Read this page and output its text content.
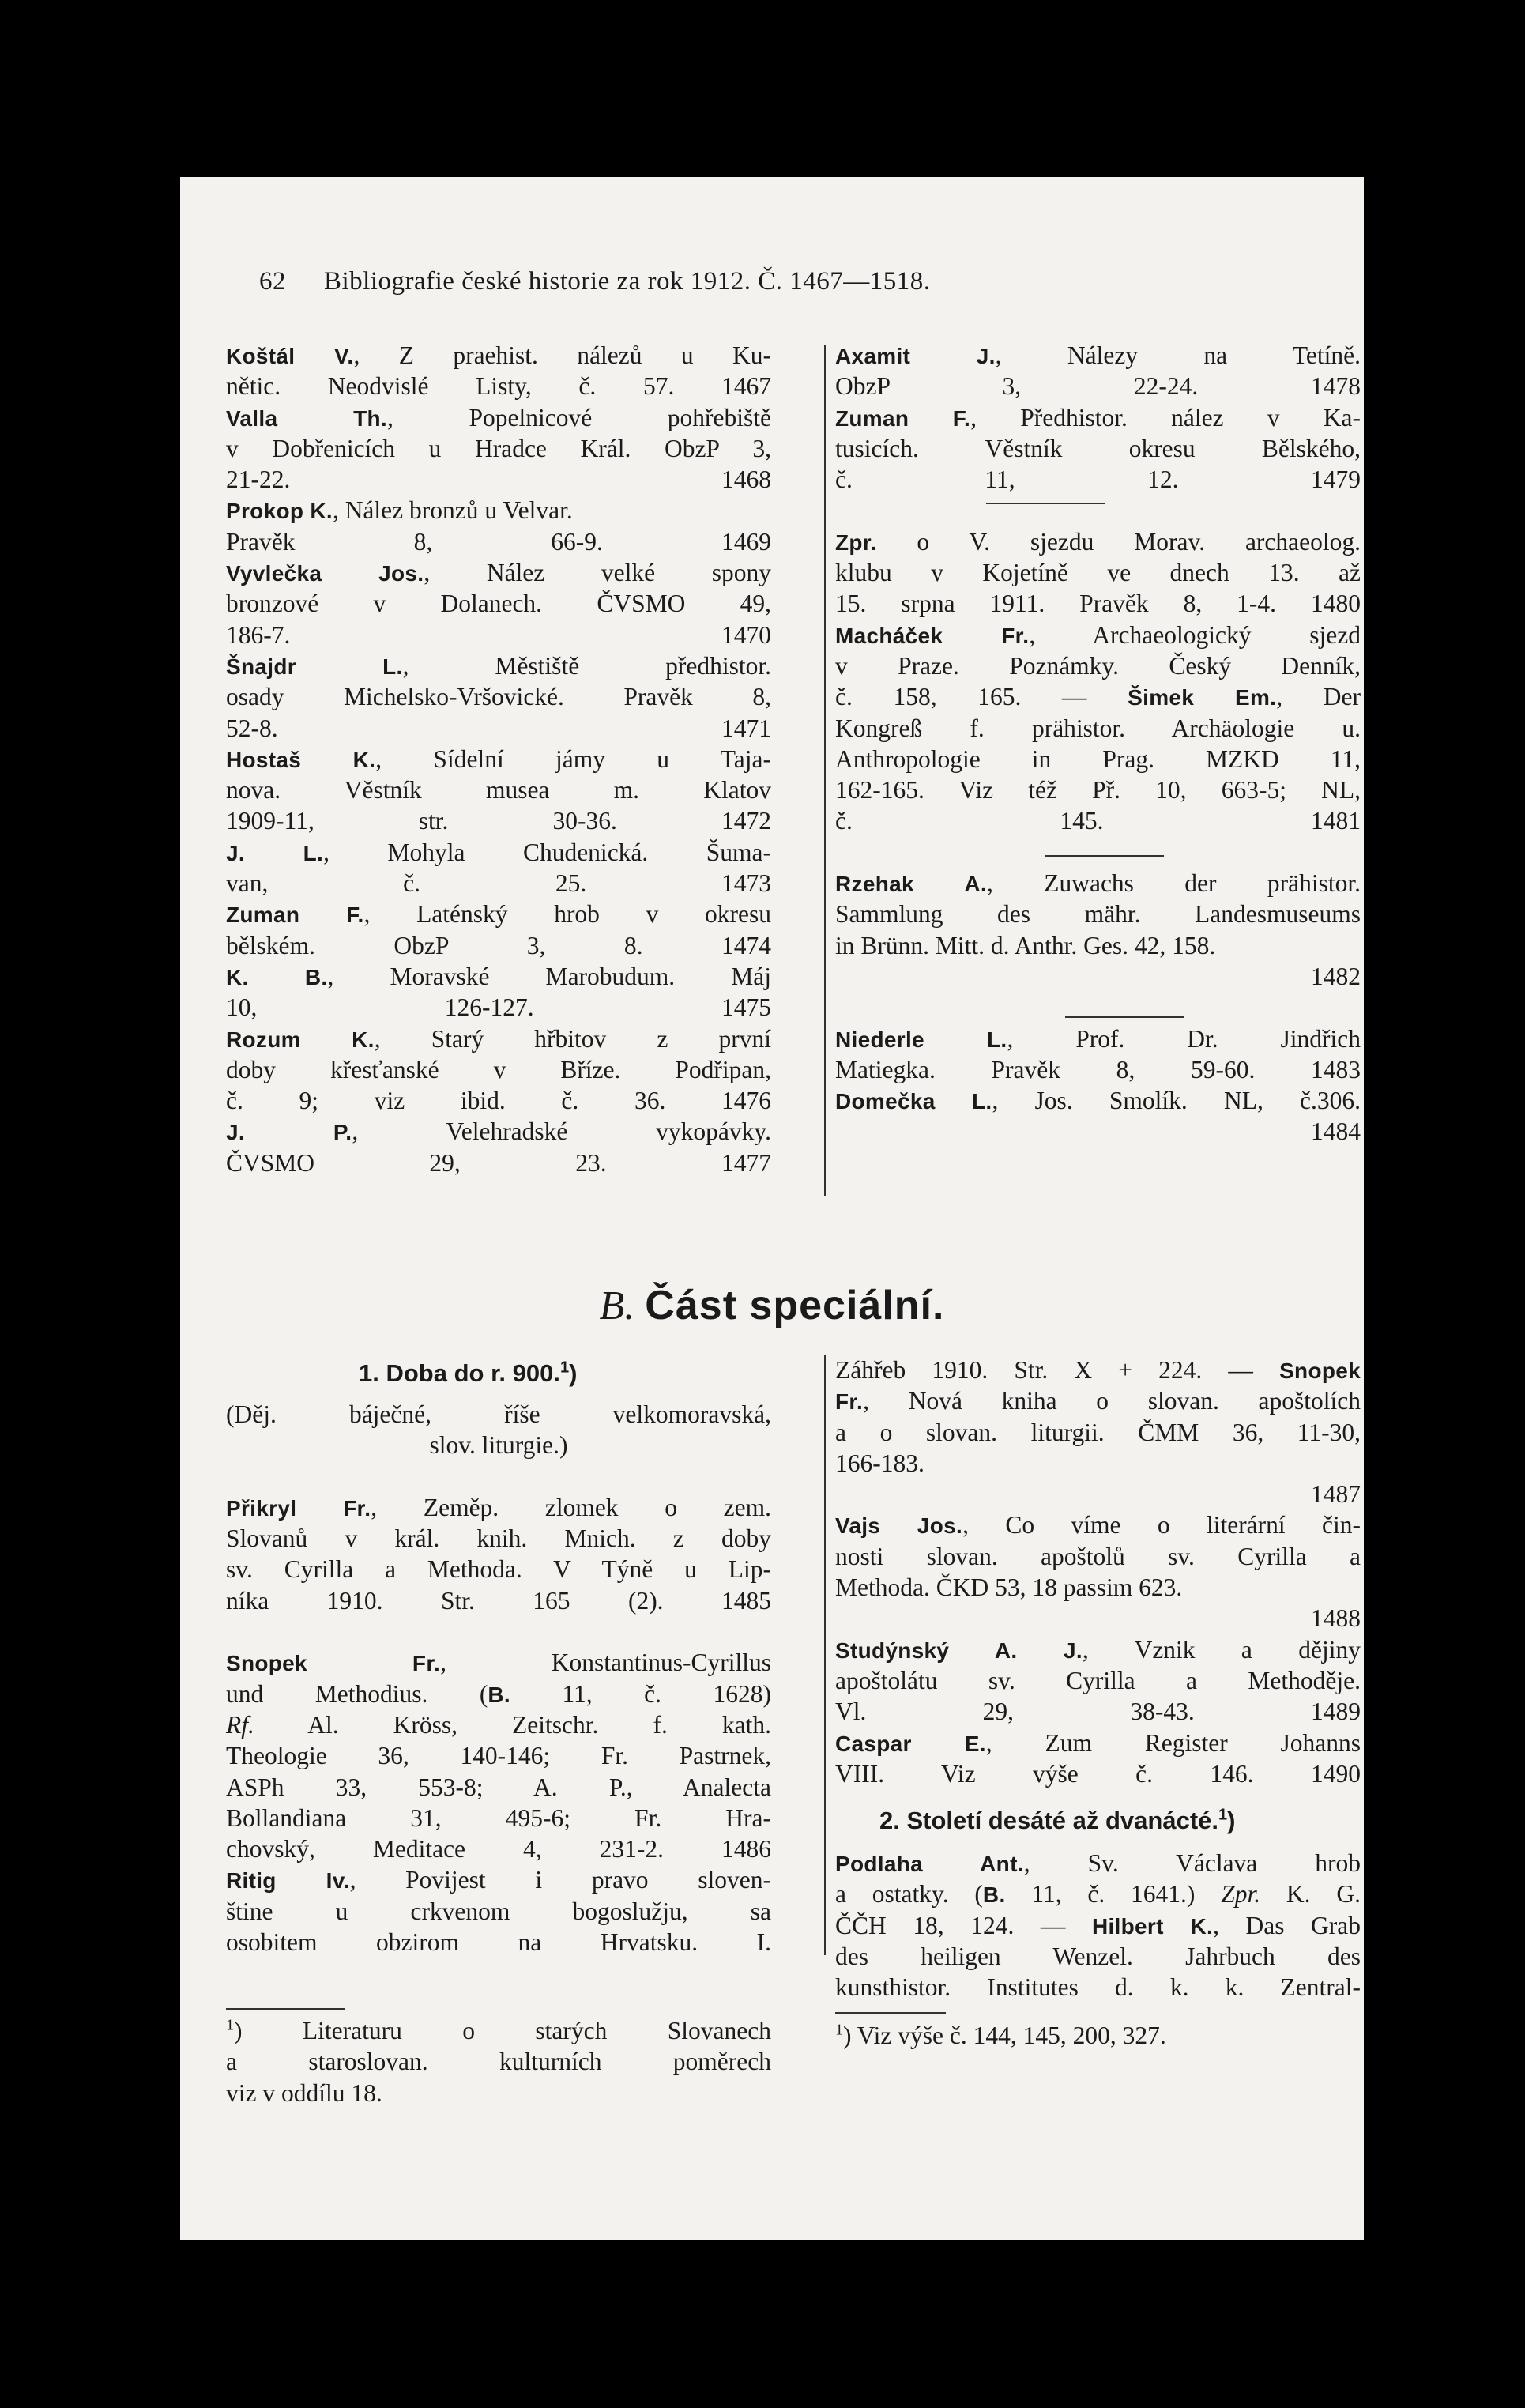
62 Bibliografie české historie za rok 1912. Č. 1467—1518.
Koštál V., Z praehist. nálezů u Ku-
nětic. Neodvislé Listy, č. 57. 1467
Valla Th., Popelnicové pohřebiště
v Dobřenicích u Hradce Král. ObzP 3,
21-22. 1468
Prokop K., Nález bronzů u Velvar.
Pravěk 8, 66-9. 1469
Vyvlečka Jos., Nález velké spony
bronzové v Dolanech. ČVSMO 49,
186-7. 1470
Šnajdr L., Městiště předhistor.
osady Michelsko-Vršovické. Pravěk 8,
52-8. 1471
Hostaš K., Sídelní jámy u Taja-
nova. Věstník musea m. Klatov
1909-11, str. 30-36. 1472
J. L., Mohyla Chudenická. Šuma-
van, č. 25. 1473
Zuman F., Laténský hrob v okresu
bělském. ObzP 3, 8. 1474
K. B., Moravské Marobudum. Máj
10, 126-127. 1475
Rozum K., Starý hřbitov z první
doby křesťanské v Bříze. Podřipan,
č. 9; viz ibid. č. 36. 1476
J. P., Velehradské vykopávky.
ČVSMO 29, 23. 1477
Axamit J., Nálezy na Tetíně.
ObzP 3, 22-24. 1478
Zuman F., Předhistor. nález v Ka-
tusicích. Věstník okresu Bělského,
č. 11, 12. 1479

Zpr. o V. sjezdu Morav. archaeolog.
klubu v Kojetíně ve dnech 13. až
15. srpna 1911. Pravěk 8, 1-4. 1480
Macháček Fr., Archaeologický sjezd
v Praze. Poznámky. Český Denník,
č. 158, 165. — Šimek Em., Der
Kongreß f. prähistor. Archäologie u.
Anthropologie in Prag. MZKD 11,
162-165. Viz též Př. 10, 663-5; NL,
č. 145. 1481

Rzehak A., Zuwachs der prähistor.
Sammlung des mähr. Landesmuseums
in Brünn. Mitt. d. Anthr. Ges. 42, 158.
1482

Niederle L., Prof. Dr. Jindřich
Matiegka. Pravěk 8, 59-60. 1483
Domečka L., Jos. Smolík. NL, č.306.
1484
B. Část speciální.
1. Doba do r. 900.$^1$)
(Děj. báječné, říše velkomoravská,
slov. liturgie.)

Přikryl Fr., Zeměp. zlomek o zem.
Slovanů v král. knih. Mnich. z doby
sv. Cyrilla a Methoda. V Týně u Lip-
níka 1910. Str. 165 (2). 1485

Snopek Fr., Konstantinus-Cyrillus
und Methodius. (B. 11, č. 1628)
Rf. Al. Kröss, Zeitschr. f. kath.
Theologie 36, 140-146; Fr. Pastrnek,
ASPh 33, 553-8; A. P., Analecta
Bollandiana 31, 495-6; Fr. Hra-
chovský, Meditace 4, 231-2. 1486
Ritig Iv., Povijest i pravo sloven-
štine u crkvenom bogoslužju, sa
osobitem obzirom na Hrvatsku. I.
$^1$) Literaturu o starých Slovanech
a staroslovan. kulturních poměrech
viz v oddílu 18.
Záhřeb 1910. Str. X + 224. — Snopek
Fr., Nová kniha o slovan. apoštolích
a o slovan. liturgii. ČMM 36, 11-30,
166-183.
1487
Vajs Jos., Co víme o literární čin-
nosti slovan. apoštolů sv. Cyrilla a
Methoda. ČKD 53, 18 passim 623.
1488
Studýnský A. J., Vznik a dějiny
apoštolátu sv. Cyrilla a Methoděje.
Vl. 29, 38-43. 1489
Caspar E., Zum Register Johanns
VIII. Viz výše č. 146. 1490
2. Století desáté až dvanácté.$^1$)
Podlaha Ant., Sv. Václava hrob
a ostatky. (B. 11, č. 1641.) Zpr. K. G.
ČČH 18, 124. — Hilbert K., Das Grab
des heiligen Wenzel. Jahrbuch des
kunsthistor. Institutes d. k. k. Zentral-
$^1$) Viz výše č. 144, 145, 200, 327.
